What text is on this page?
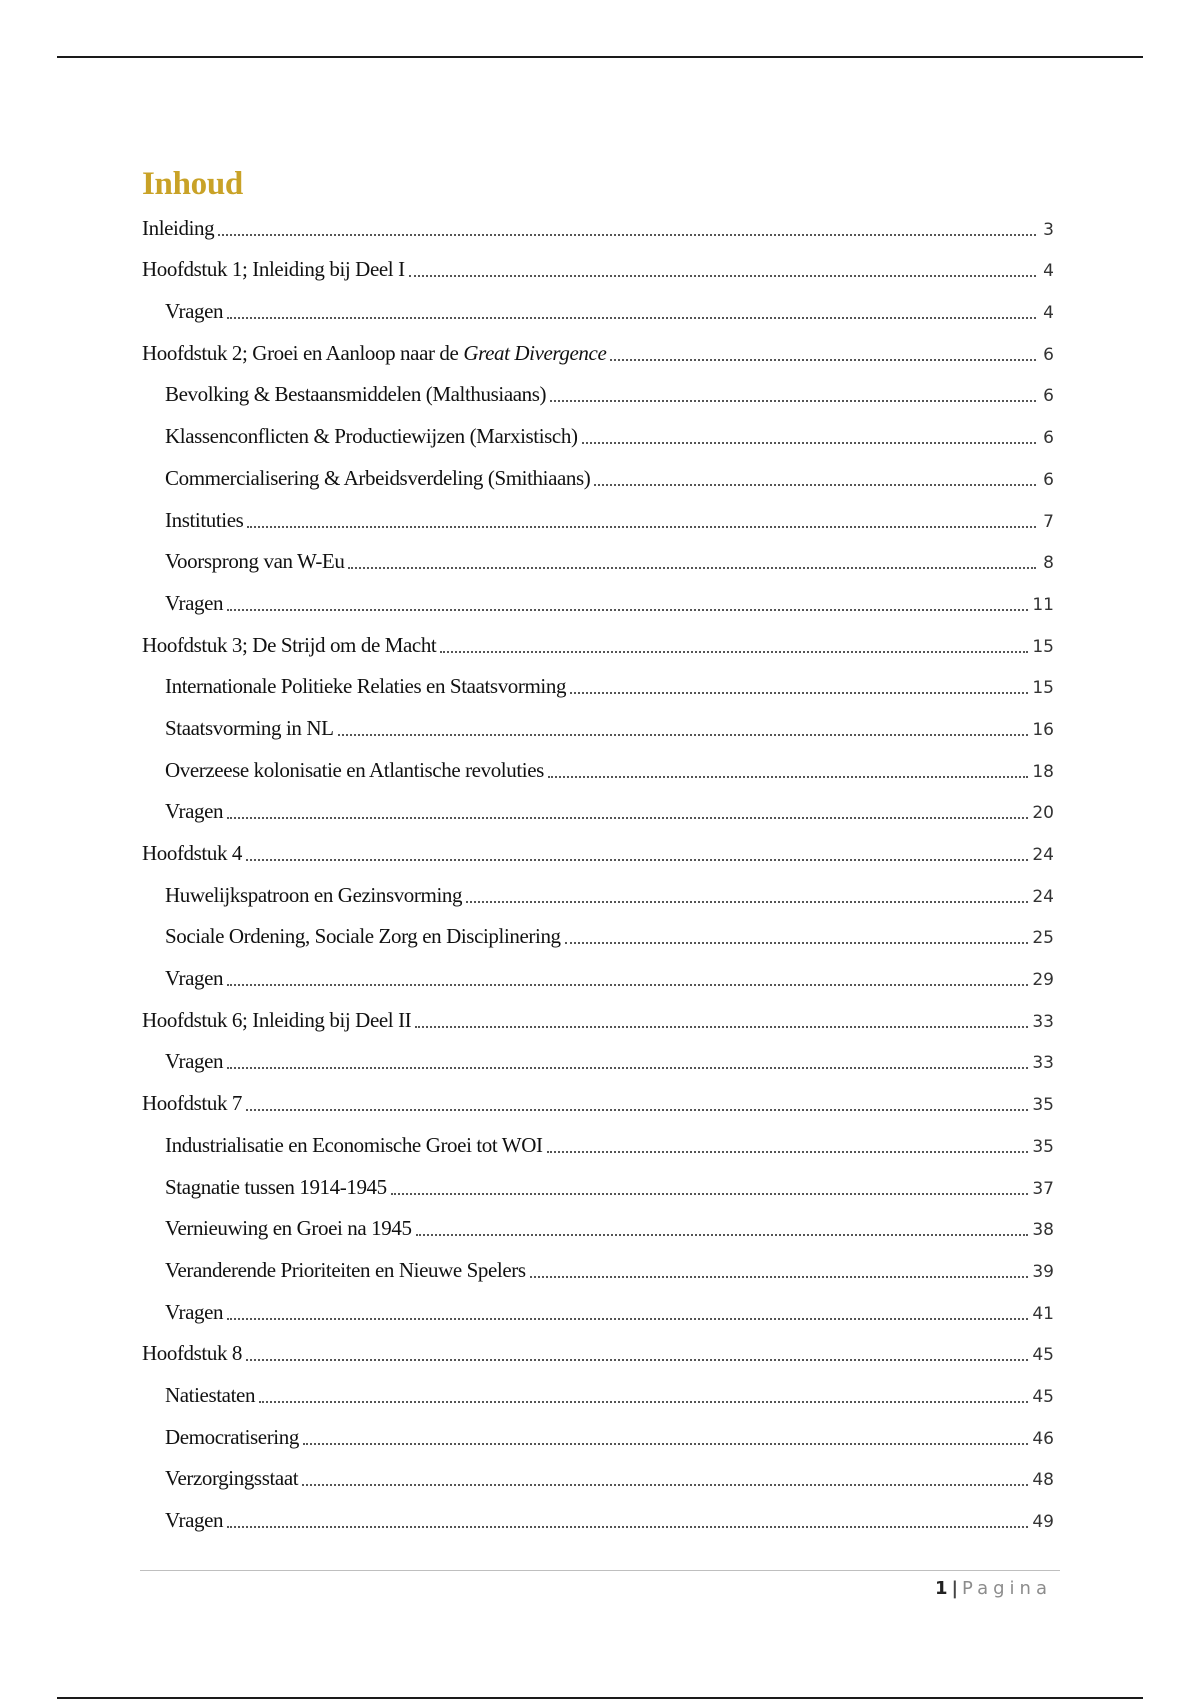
Inhoud
Inleiding	3
Hoofdstuk 1; Inleiding bij Deel I	4
Vragen	4
Hoofdstuk 2; Groei en Aanloop naar de Great Divergence	6
Bevolking & Bestaansmiddelen (Malthusiaans)	6
Klassenconflicten & Productiewijzen (Marxistisch)	6
Commercialisering & Arbeidsverdeling (Smithiaans)	6
Instituties	7
Voorsprong van W-Eu	8
Vragen	11
Hoofdstuk 3; De Strijd om de Macht	15
Internationale Politieke Relaties en Staatsvorming	15
Staatsvorming in NL	16
Overzeese kolonisatie en Atlantische revoluties	18
Vragen	20
Hoofdstuk 4	24
Huwelijkspatroon en Gezinsvorming	24
Sociale Ordening, Sociale Zorg en Disciplinering	25
Vragen	29
Hoofdstuk 6; Inleiding bij Deel II	33
Vragen	33
Hoofdstuk 7	35
Industrialisatie en Economische Groei tot WOI	35
Stagnatie tussen 1914-1945	37
Vernieuwing en Groei na 1945	38
Veranderende Prioriteiten en Nieuwe Spelers	39
Vragen	41
Hoofdstuk 8	45
Natiestaten	45
Democratisering	46
Verzorgingsstaat	48
Vragen	49
1 | Pagina
